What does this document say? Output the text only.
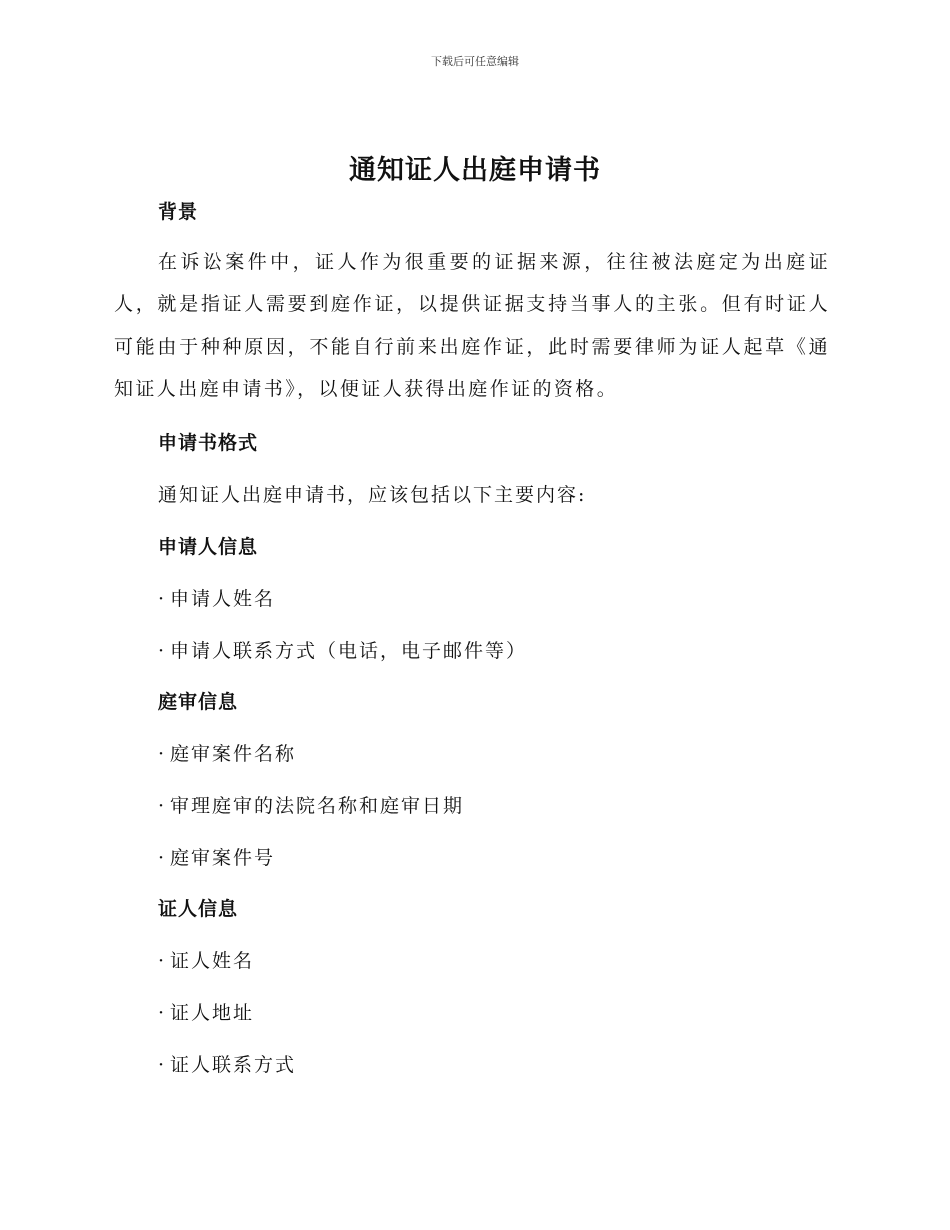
下载后可任意编辑
通知证人出庭申请书
背景
在诉讼案件中，证人作为很重要的证据来源，往往被法庭定为出庭证人，就是指证人需要到庭作证，以提供证据支持当事人的主张。但有时证人可能由于种种原因，不能自行前来出庭作证，此时需要律师为证人起草《通知证人出庭申请书》，以便证人获得出庭作证的资格。
申请书格式
通知证人出庭申请书，应该包括以下主要内容:
申请人信息
· 申请人姓名
· 申请人联系方式（电话，电子邮件等）
庭审信息
· 庭审案件名称
· 审理庭审的法院名称和庭审日期
· 庭审案件号
证人信息
· 证人姓名
· 证人地址
· 证人联系方式
